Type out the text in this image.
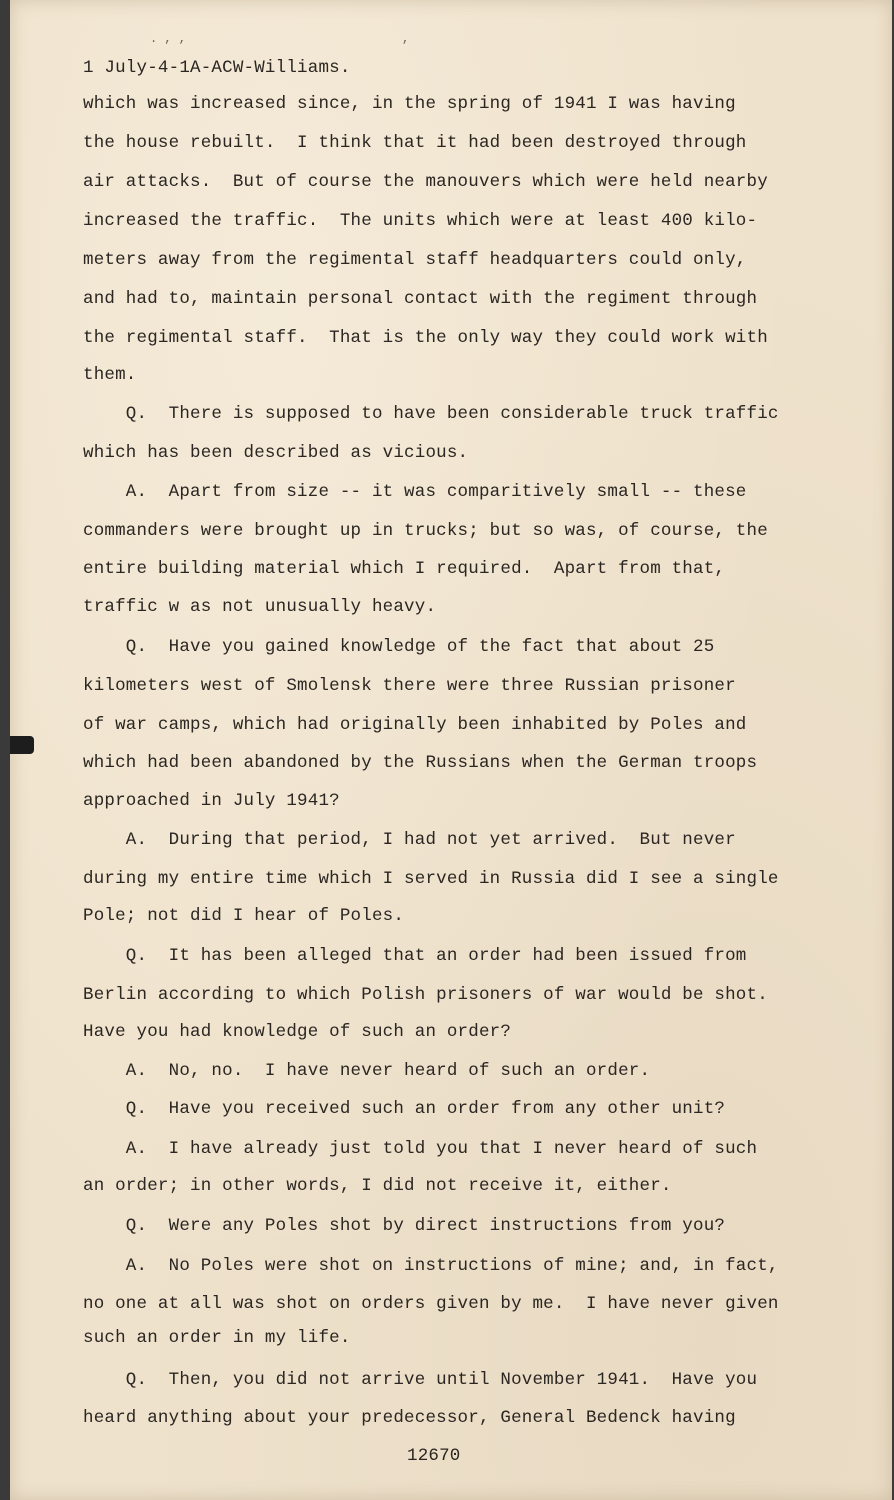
. , ,                              ,

1 July-4-1A-ACW-Williams.

which was increased since, in the spring of 1941 I was having

the house rebuilt.  I think that it had been destroyed through

air attacks.  But of course the manouvers which were held nearby

increased the traffic.  The units which were at least 400 kilo-

meters away from the regimental staff headquarters could only,

and had to, maintain personal contact with the regiment through

the regimental staff.  That is the only way they could work with

them.

Q.  There is supposed to have been considerable truck traffic

which has been described as vicious.

A.  Apart from size -- it was comparitively small -- these

commanders were brought up in trucks; but so was, of course, the

entire building material which I required.  Apart from that,

traffic w as not unusually heavy.

Q.  Have you gained knowledge of the fact that about 25

kilometers west of Smolensk there were three Russian prisoner

of war camps, which had originally been inhabited by Poles and

which had been abandoned by the Russians when the German troops

approached in July 1941?

A.  During that period, I had not yet arrived.  But never

during my entire time which I served in Russia did I see a single

Pole; not did I hear of Poles.

Q.  It has been alleged that an order had been issued from

Berlin according to which Polish prisoners of war would be shot.

Have you had knowledge of such an order?

A.  No, no.  I have never heard of such an order.

Q.  Have you received such an order from any other unit?

A.  I have already just told you that I never heard of such

an order; in other words, I did not receive it, either.

Q.  Were any Poles shot by direct instructions from you?

A.  No Poles were shot on instructions of mine; and, in fact,

no one at all was shot on orders given by me.  I have never given

such an order in my life.

Q.  Then, you did not arrive until November 1941.  Have you

heard anything about your predecessor, General Bedenck having

12670
